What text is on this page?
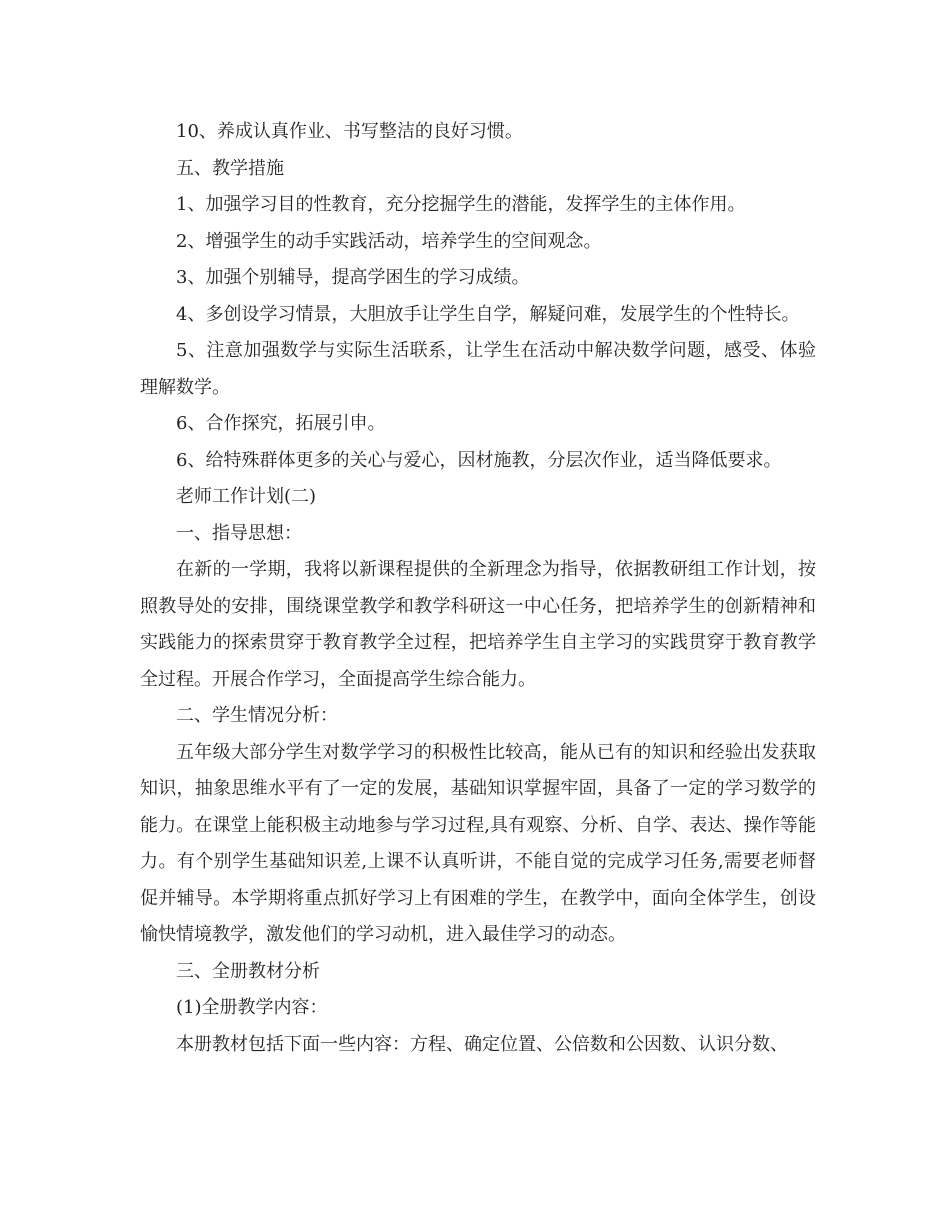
10、养成认真作业、书写整洁的良好习惯。

五、教学措施

1、加强学习目的性教育，充分挖掘学生的潜能，发挥学生的主体作用。

2、增强学生的动手实践活动，培养学生的空间观念。

3、加强个别辅导，提高学困生的学习成绩。

4、多创设学习情景，大胆放手让学生自学，解疑问难，发展学生的个性特长。

5、注意加强数学与实际生活联系，让学生在活动中解决数学问题，感受、体验理解数学。

6、合作探究，拓展引申。

6、给特殊群体更多的关心与爱心，因材施教，分层次作业，适当降低要求。

老师工作计划(二)

一、指导思想：

在新的一学期，我将以新课程提供的全新理念为指导，依据教研组工作计划，按照教导处的安排，围绕课堂教学和教学科研这一中心任务，把培养学生的创新精神和实践能力的探索贯穿于教育教学全过程，把培养学生自主学习的实践贯穿于教育教学全过程。开展合作学习，全面提高学生综合能力。

二、学生情况分析：

五年级大部分学生对数学学习的积极性比较高，能从已有的知识和经验出发获取知识，抽象思维水平有了一定的发展，基础知识掌握牢固，具备了一定的学习数学的能力。在课堂上能积极主动地参与学习过程,具有观察、分析、自学、表达、操作等能力。有个别学生基础知识差,上课不认真听讲，不能自觉的完成学习任务,需要老师督促并辅导。本学期将重点抓好学习上有困难的学生，在教学中，面向全体学生，创设愉快情境教学，激发他们的学习动机，进入最佳学习的动态。

三、全册教材分析

(1)全册教学内容：

本册教材包括下面一些内容：方程、确定位置、公倍数和公因数、认识分数、
